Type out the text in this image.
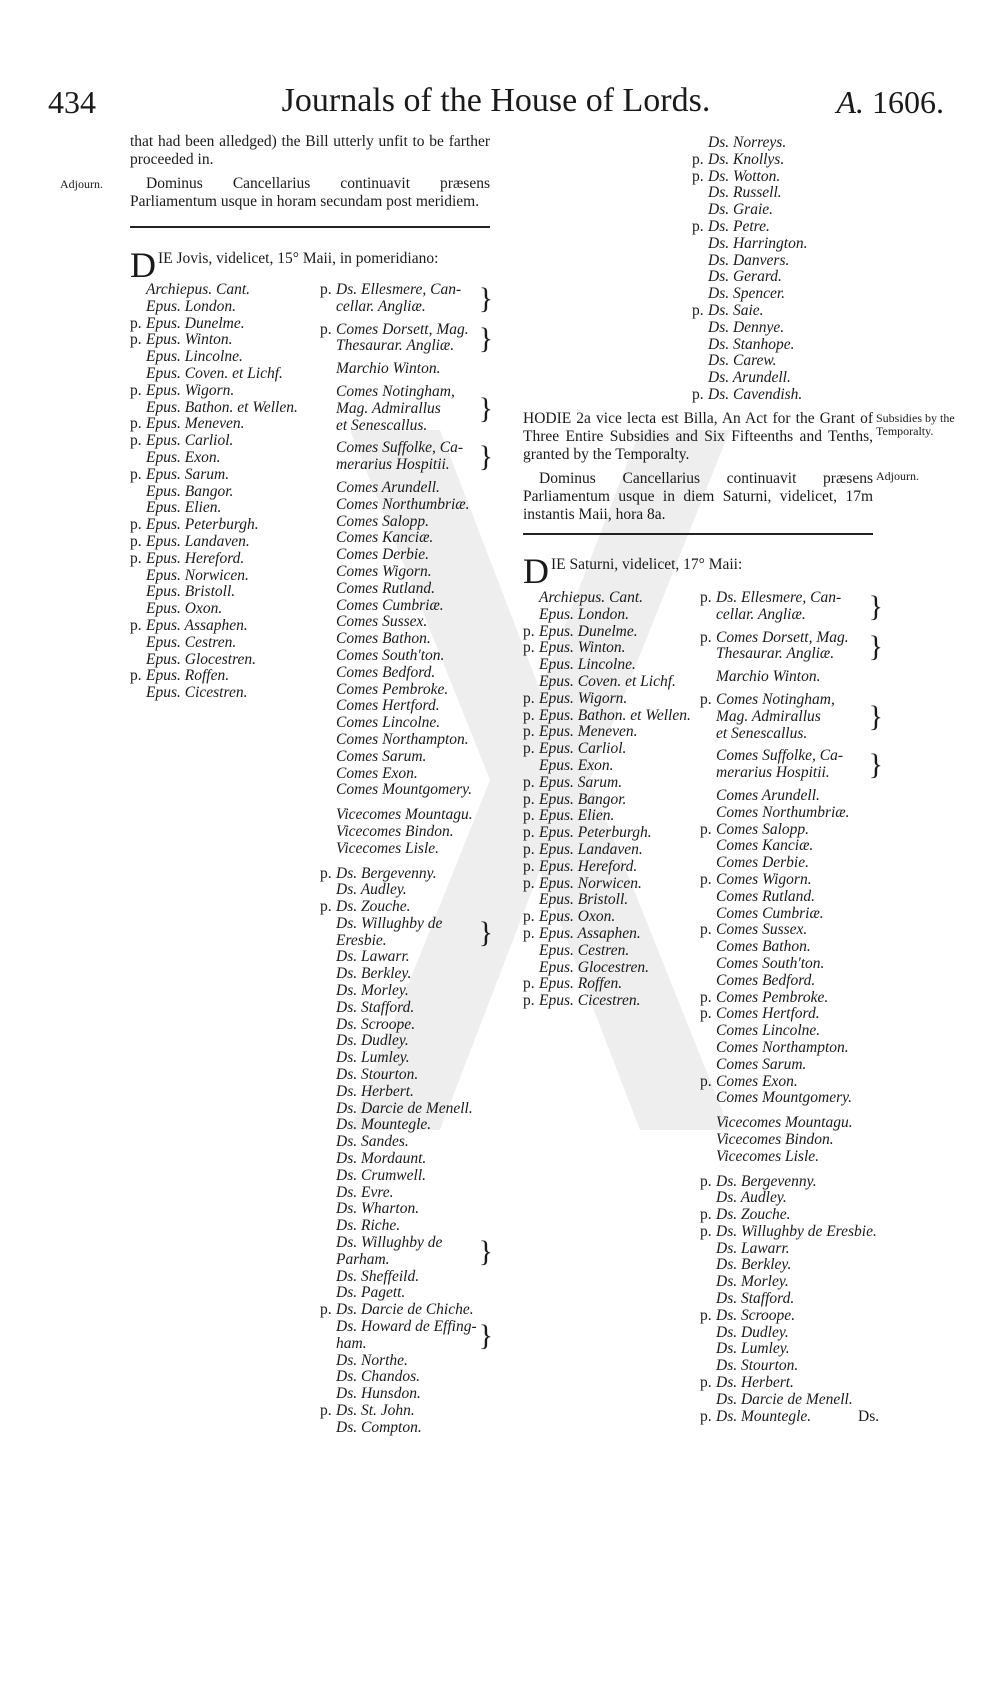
434	Journals of the House of Lords.	A. 1606.

that had been alledged) the Bill utterly unfit to be farther proceeded in.

Dominus Cancellarius continuavit præsens Parliamentum usque in horam secundam post meridiem.

Adjourn.
DIE Jovis, videlicet, 15° Maii, in pomeridiano:
Archiepus. Cant.
Epus. London.
p. Epus. Dunelme.
p. Epus. Winton.
Epus. Lincolne.
Epus. Coven. et Lichf.
p. Epus. Wigorn.
Epus. Bathon. et Wellen.
p. Epus. Meneven.
p. Epus. Carliol.
Epus. Exon.
p. Epus. Sarum.
Epus. Bangor.
Epus. Elien.
p. Epus. Peterburgh.
p. Epus. Landaven.
p. Epus. Hereford.
Epus. Norwicen.
Epus. Bristoll.
Epus. Oxon.
p. Epus. Assaphen.
Epus. Cestren.
Epus. Glocestren.
p. Epus. Roffen.
Epus. Cicestren.
p. Ds. Ellesmere, Can-
cellar. Angliæ.	}
p. Comes Dorsett, Mag.
Thesaurar. Angliæ. }
Marchio Winton.
Comes Notingham,
Mag. Admirallus
et Senescallus.
}
Comes Suffolke, Ca-
merarius Hospitii. }
Comes Arundell.
Comes Northumbriæ.
Comes Salopp.
Comes Kanciæ.
Comes Derbie.
Comes Wigorn.
Comes Rutland.
Comes Cumbriæ.
Comes Sussex.
Comes Bathon.
Comes South'ton.
Comes Bedford.
Comes Pembroke.
Comes Hertford.
Comes Lincolne.
Comes Northampton.
Comes Sarum.
Comes Exon.
Comes Mountgomery.
Vicecomes Mountagu.
Vicecomes Bindon.
Vicecomes Lisle.
p. Ds. Bergevenny.
Ds. Audley.
p. Ds. Zouche.
Ds. Willughby de
Eresbie.	}
Ds. Lawarr.
Ds. Berkley.
Ds. Morley.
Ds. Stafford.
Ds. Scroope.
Ds. Dudley.
Ds. Lumley.
Ds. Stourton.
Ds. Herbert.
Ds. Darcie de Menell.
Ds. Mountegle.
Ds. Sandes.
Ds. Mordaunt.
Ds. Crumwell.
Ds. Evre.
Ds. Wharton.
Ds. Riche.
Ds. Willughby de
Parham.	}
Ds. Sheffeild.
Ds. Pagett.
p. Ds. Darcie de Chiche.
Ds. Howard de Effing-
ham.	}
Ds. Northe.
Ds. Chandos.
Ds. Hunsdon.
p. Ds. St. John.
Ds. Compton.
Ds. Norreys.
p. Ds. Knollys.
p. Ds. Wotton.
Ds. Russell.
Ds. Graie.
p. Ds. Petre.
Ds. Harrington.
Ds. Danvers.
Ds. Gerard.
Ds. Spencer.
p. Ds. Saie.
Ds. Dennye.
Ds. Stanhope.
Ds. Carew.
Ds. Arundell.
p. Ds. Cavendish.

HODIE 2a vice lecta est Billa, An Act for the Grant of Three Entire Subsidies and Six Fifteenths and Tenths, granted by the Temporalty.

Dominus Cancellarius continuavit præsens Parliamentum usque in diem Saturni, videlicet, 17m instantis Maii, hora 8a.

Subsidies by the Temporalty.
Adjourn.
DIE Saturni, videlicet, 17° Maii:
Archiepus. Cant.
Epus. London.
p. Epus. Dunelme.
p. Epus. Winton.
Epus. Lincolne.
Epus. Coven. et Lichf.
p. Epus. Wigorn.
p. Epus. Bathon. et Wellen.
p. Epus. Meneven.
p. Epus. Carliol.
Epus. Exon.
p. Epus. Sarum.
p. Epus. Bangor.
p. Epus. Elien.
p. Epus. Peterburgh.
p. Epus. Landaven.
p. Epus. Hereford.
p. Epus. Norwicen.
Epus. Bristoll.
p. Epus. Oxon.
p. Epus. Assaphen.
Epus. Cestren.
Epus. Glocestren.
p. Epus. Roffen.
p. Epus. Cicestren.
p. Ds. Ellesmere, Can-
cellar. Angliæ.	}
p. Comes Dorsett, Mag.
Thesaurar. Angliæ.	}
Marchio Winton.
p. Comes Notingham,
Mag. Admirallus
et Senescallus.
}
Comes Suffolke, Ca-
merarius Hospitii.	}
Comes Arundell.
Comes Northumbriæ.
p. Comes Salopp.
Comes Kanciæ.
Comes Derbie.
p. Comes Wigorn.
Comes Rutland.
Comes Cumbriæ.
p. Comes Sussex.
Comes Bathon.
Comes South'ton.
Comes Bedford.
p. Comes Pembroke.
p. Comes Hertford.
Comes Lincolne.
Comes Northampton.
Comes Sarum.
p. Comes Exon.
Comes Mountgomery.
Vicecomes Mountagu.
Vicecomes Bindon.
Vicecomes Lisle.
p. Ds. Bergevenny.
Ds. Audley.
p. Ds. Zouche.
p. Ds. Willughby de Eresbie.
Ds. Lawarr.
Ds. Berkley.
Ds. Morley.
Ds. Stafford.
p. Ds. Scroope.
Ds. Dudley.
Ds. Lumley.
Ds. Stourton.
p. Ds. Herbert.
Ds. Darcie de Menell.
p. Ds. Mountegle.	Ds.
